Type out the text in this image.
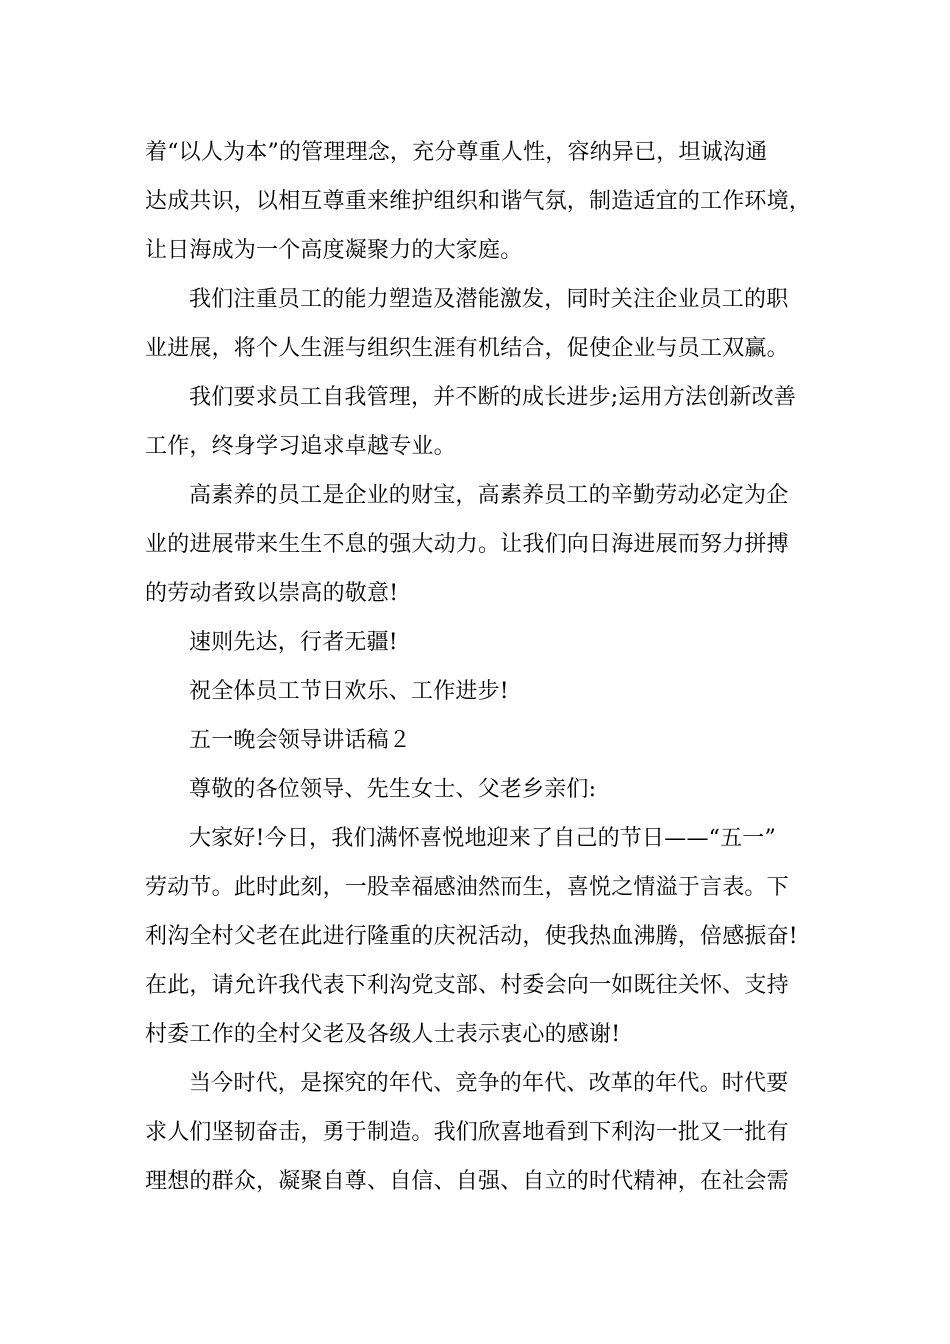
着“以人为本”的管理理念，充分尊重人性，容纳异已，坦诚沟通
达成共识，以相互尊重来维护组织和谐气氛，制造适宜的工作环境，
让日海成为一个高度凝聚力的大家庭。
我们注重员工的能力塑造及潜能激发，同时关注企业员工的职
业进展，将个人生涯与组织生涯有机结合，促使企业与员工双赢。
我们要求员工自我管理，并不断的成长进步;运用方法创新改善
工作，终身学习追求卓越专业。
高素养的员工是企业的财宝，高素养员工的辛勤劳动必定为企
业的进展带来生生不息的强大动力。让我们向日海进展而努力拼搏
的劳动者致以崇高的敬意!
速则先达，行者无疆!
祝全体员工节日欢乐、工作进步!
五一晚会领导讲话稿２
尊敬的各位领导、先生女士、父老乡亲们:
大家好!今日，我们满怀喜悦地迎来了自己的节日——“五一”
劳动节。此时此刻，一股幸福感油然而生，喜悦之情溢于言表。下
利沟全村父老在此进行隆重的庆祝活动，使我热血沸腾，倍感振奋!
在此，请允许我代表下利沟党支部、村委会向一如既往关怀、支持
村委工作的全村父老及各级人士表示衷心的感谢!
当今时代，是探究的年代、竞争的年代、改革的年代。时代要
求人们坚韧奋击，勇于制造。我们欣喜地看到下利沟一批又一批有
理想的群众，凝聚自尊、自信、自强、自立的时代精神，在社会需
